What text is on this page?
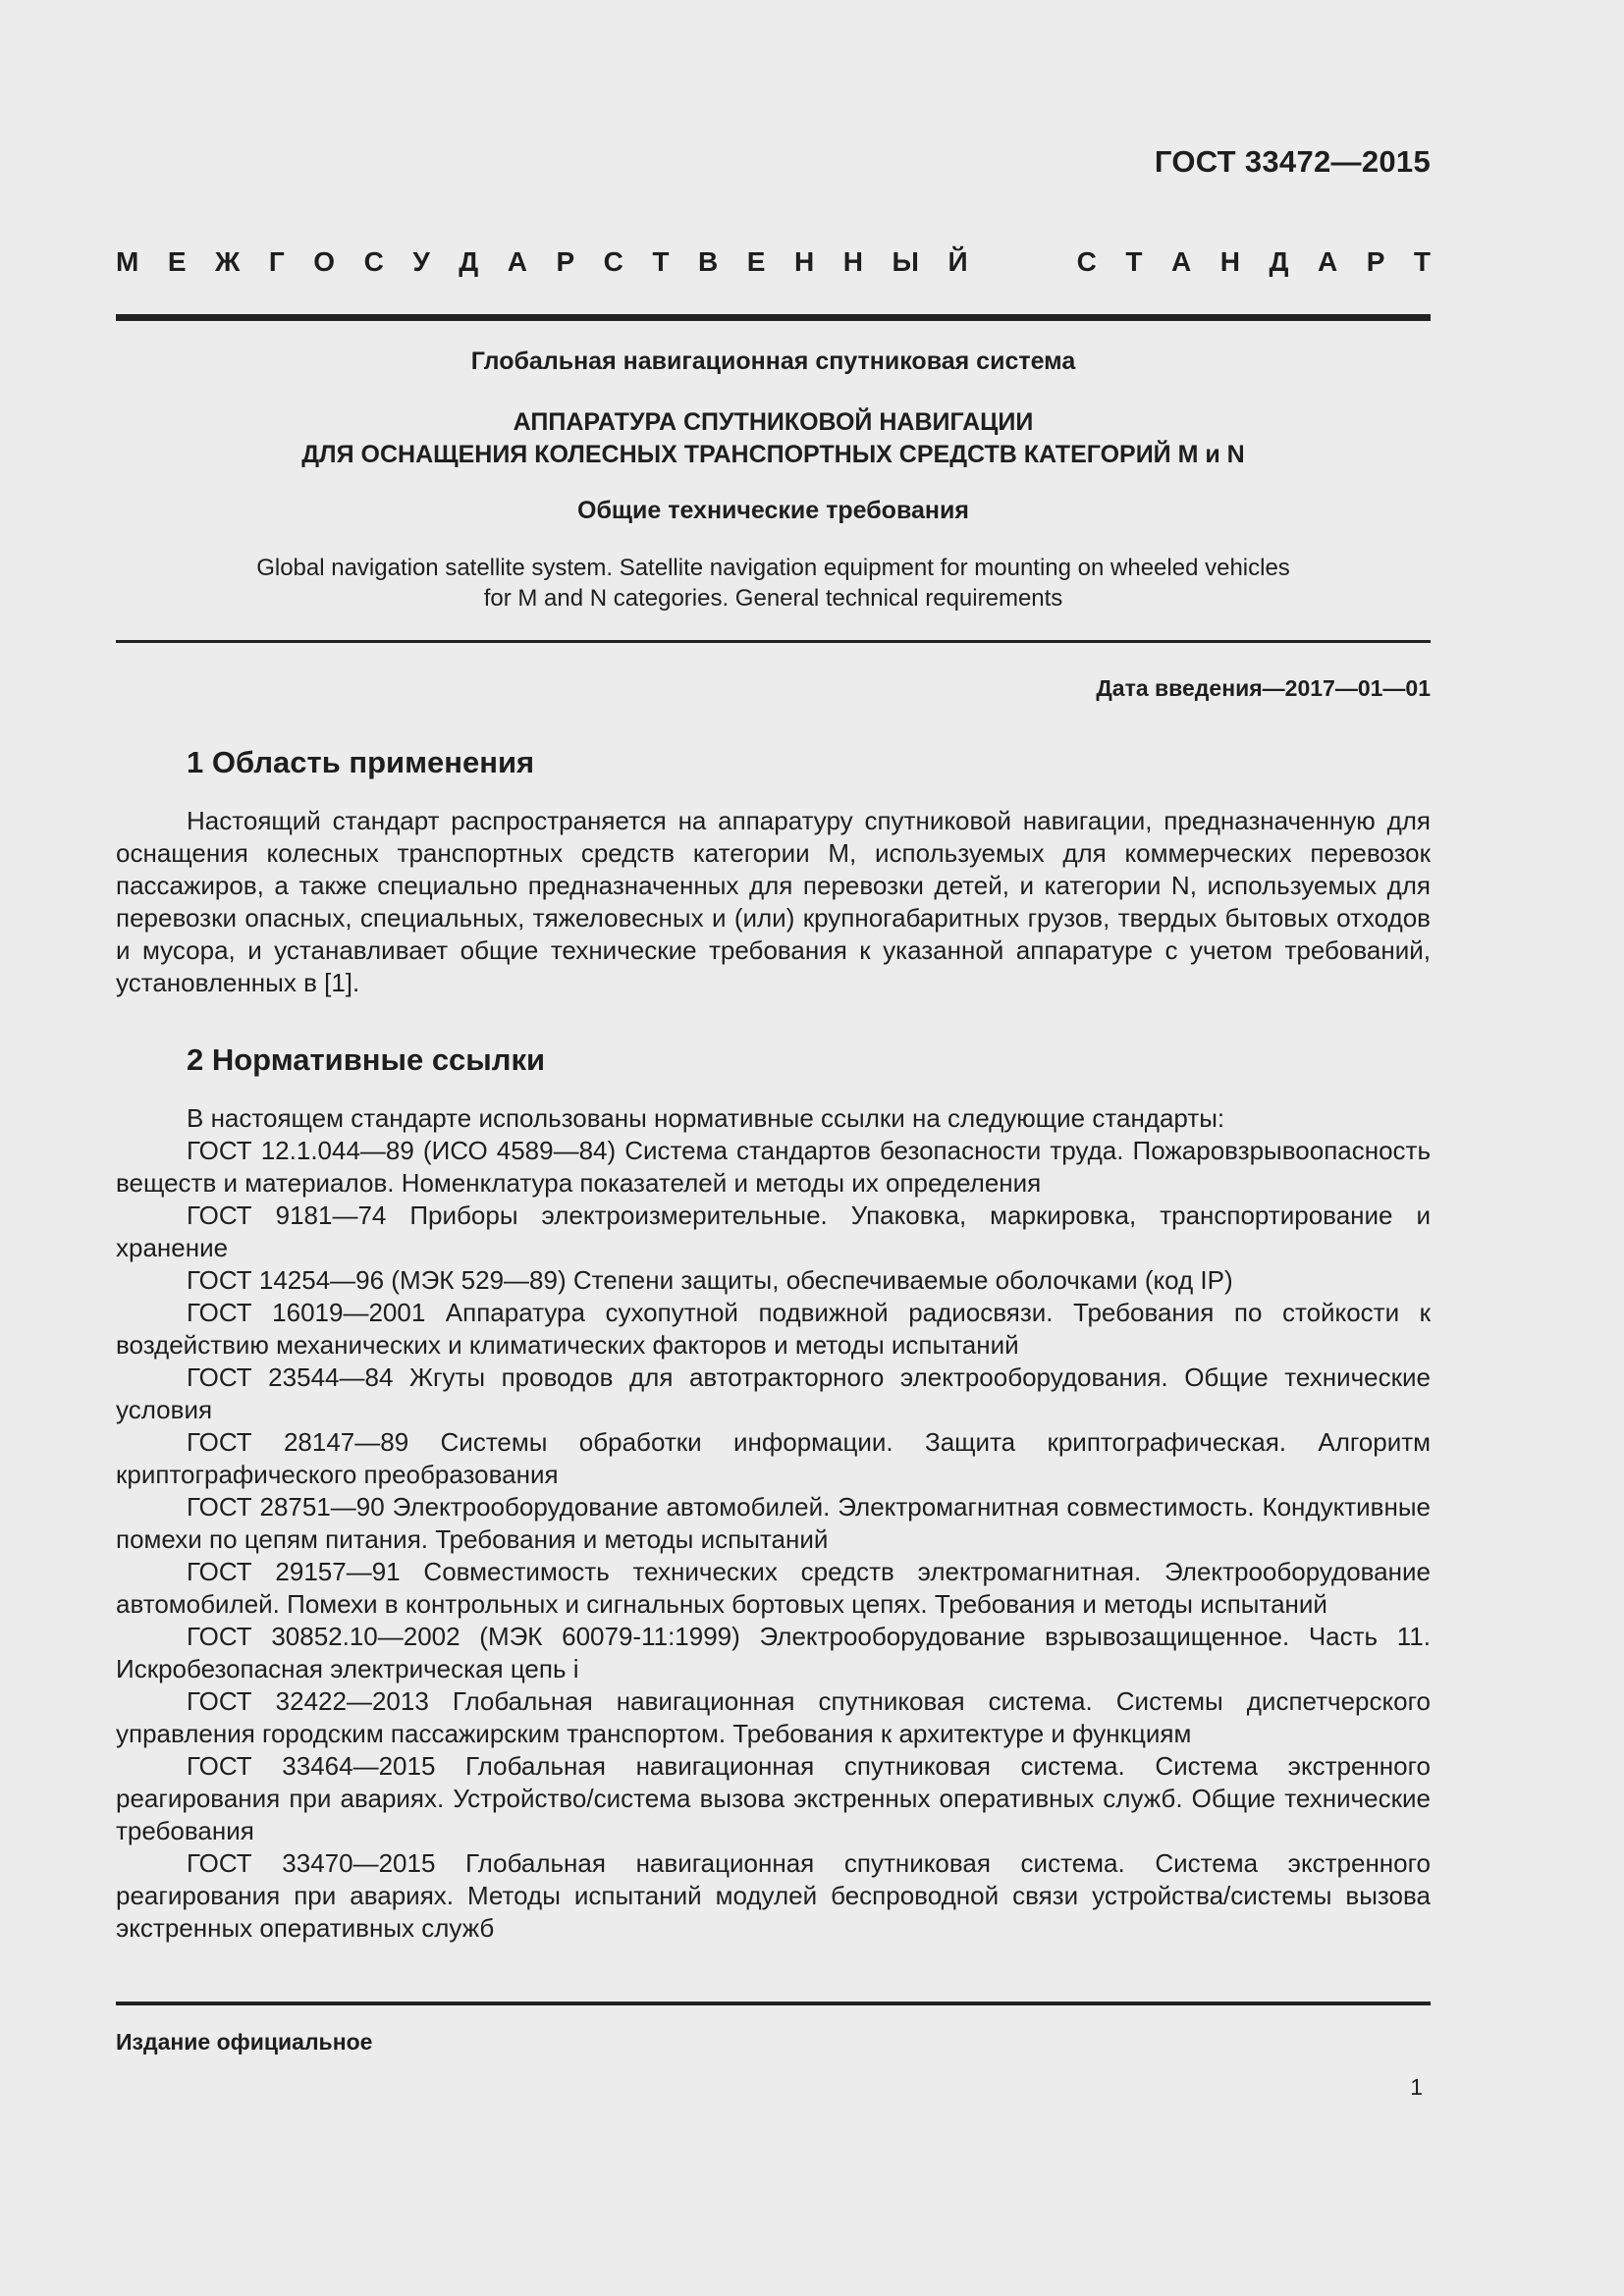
ГОСТ 33472—2015
М Е Ж Г О С У Д А Р С Т В Е Н Н Ы Й	С Т А Н Д А Р Т
Глобальная навигационная спутниковая система
АППАРАТУРА СПУТНИКОВОЙ НАВИГАЦИИ
ДЛЯ ОСНАЩЕНИЯ КОЛЕСНЫХ ТРАНСПОРТНЫХ СРЕДСТВ КАТЕГОРИЙ М и N
Общие технические требования
Global navigation satellite system. Satellite navigation equipment for mounting on wheeled vehicles
for M and N categories. General technical requirements
Дата введения—2017—01—01
1 Область применения
Настоящий стандарт распространяется на аппаратуру спутниковой навигации, предназначенную для оснащения колесных транспортных средств категории М, используемых для коммерческих перевозок пассажиров, а также специально предназначенных для перевозки детей, и категории N, используемых для перевозки опасных, специальных, тяжеловесных и (или) крупногабаритных грузов, твердых бытовых отходов и мусора, и устанавливает общие технические требования к указанной аппаратуре с учетом требований, установленных в [1].
2 Нормативные ссылки
В настоящем стандарте использованы нормативные ссылки на следующие стандарты:
ГОСТ 12.1.044—89 (ИСО 4589—84) Система стандартов безопасности труда. Пожаровзрывоопасность веществ и материалов. Номенклатура показателей и методы их определения
ГОСТ 9181—74 Приборы электроизмерительные. Упаковка, маркировка, транспортирование и хранение
ГОСТ 14254—96 (МЭК 529—89) Степени защиты, обеспечиваемые оболочками (код IP)
ГОСТ 16019—2001 Аппаратура сухопутной подвижной радиосвязи. Требования по стойкости к воздействию механических и климатических факторов и методы испытаний
ГОСТ 23544—84 Жгуты проводов для автотракторного электрооборудования. Общие технические условия
ГОСТ 28147—89 Системы обработки информации. Защита криптографическая. Алгоритм криптографического преобразования
ГОСТ 28751—90 Электрооборудование автомобилей. Электромагнитная совместимость. Кондуктивные помехи по цепям питания. Требования и методы испытаний
ГОСТ 29157—91 Совместимость технических средств электромагнитная. Электрооборудование автомобилей. Помехи в контрольных и сигнальных бортовых цепях. Требования и методы испытаний
ГОСТ 30852.10—2002 (МЭК 60079-11:1999) Электрооборудование взрывозащищенное. Часть 11. Искробезопасная электрическая цепь i
ГОСТ 32422—2013 Глобальная навигационная спутниковая система. Системы диспетчерского управления городским пассажирским транспортом. Требования к архитектуре и функциям
ГОСТ 33464—2015 Глобальная навигационная спутниковая система. Система экстренного реагирования при авариях. Устройство/система вызова экстренных оперативных служб. Общие технические требования
ГОСТ 33470—2015 Глобальная навигационная спутниковая система. Система экстренного реагирования при авариях. Методы испытаний модулей беспроводной связи устройства/системы вызова экстренных оперативных служб
Издание официальное
1
